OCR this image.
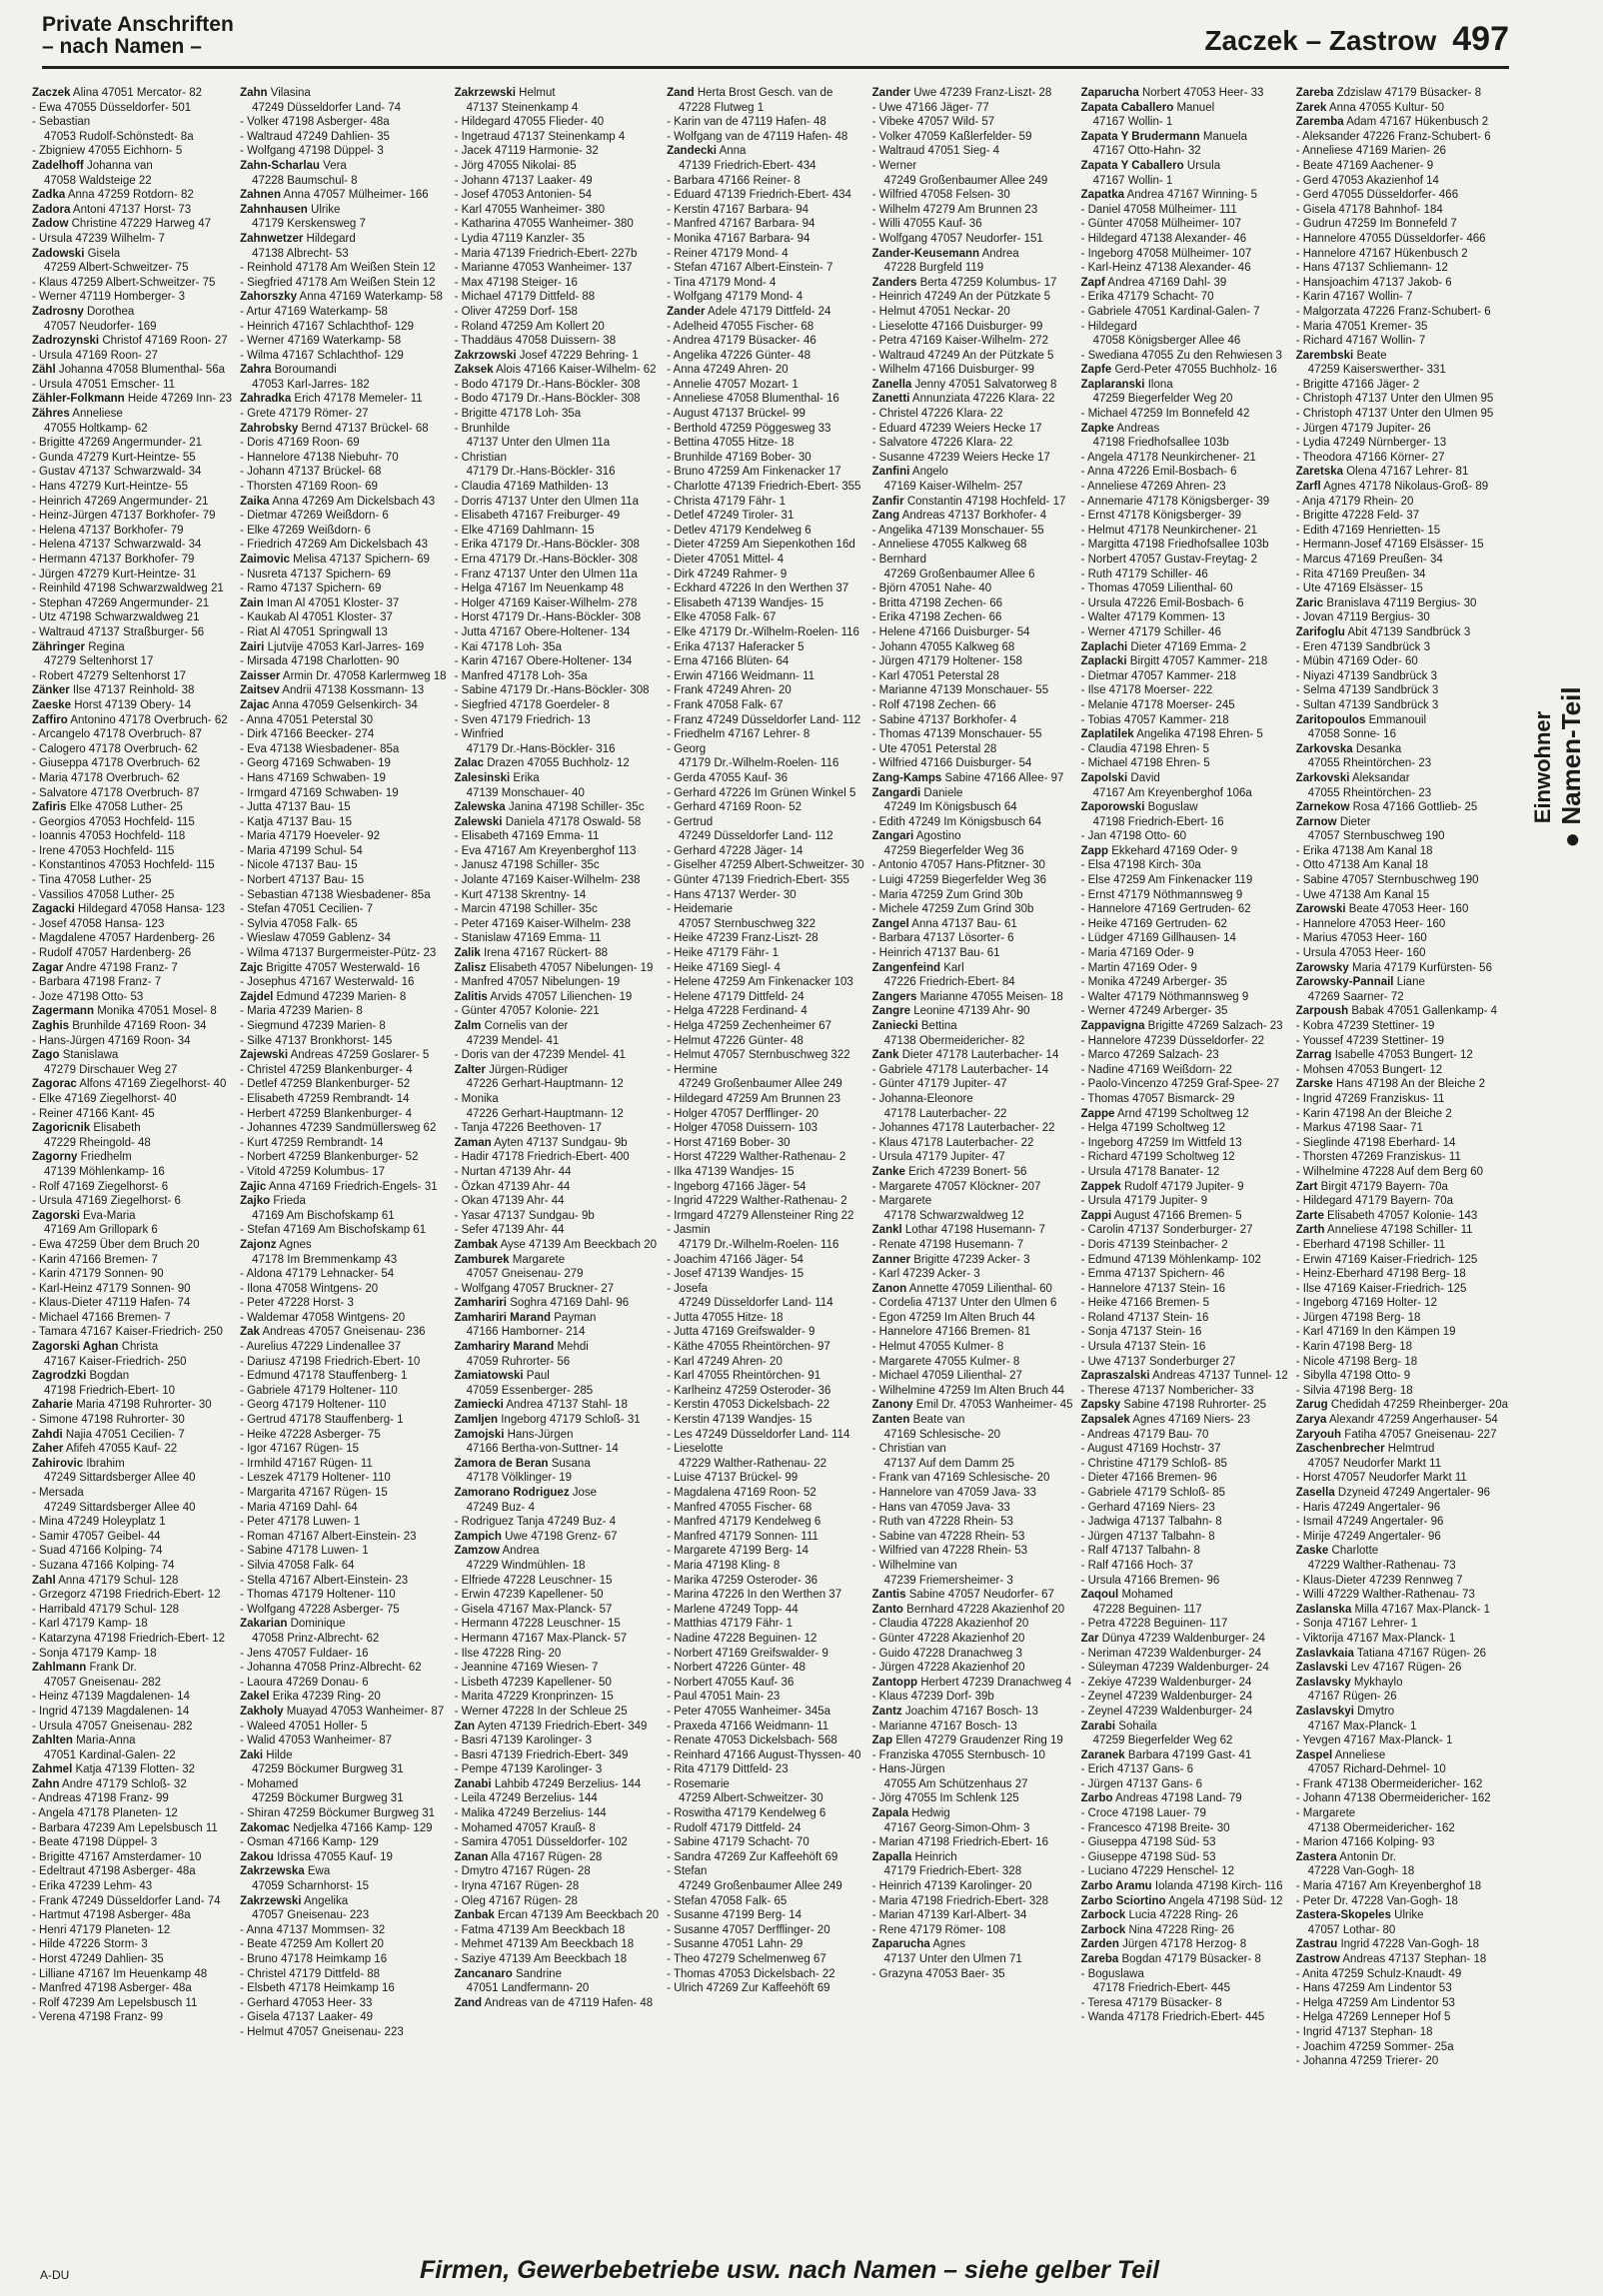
Private Anschriften
– nach Namen –	Zaczek – Zastrow 497
Zaczek Alina 47051 Mercator- 82
- Ewa 47055 Düsseldorfer- 501
- Sebastian
47053 Rudolf-Schönstedt- 8a
- Zbigniew 47055 Eichhorn- 5
Zadelhoff Johanna van
47058 Waldsteige 22
Zadka Anna 47259 Rotdorn- 82
Zadora Antoni 47137 Horst- 73
Zadow Christine 47229 Harweg 47
- Ursula 47239 Wilhelm- 7
Zadowski Gisela
47259 Albert-Schweitzer- 75
- Klaus 47259 Albert-Schweitzer- 75
- Werner 47119 Homberger- 3
Zadrosny Dorothea
47057 Neudorfer- 169
Zadrozynski Christof 47169 Roon- 27
- Ursula 47169 Roon- 27
Zähl Johanna 47058 Blumenthal- 56a
- Ursula 47051 Emscher- 11
Zähler-Folkmann Heide 47269 Inn- 23
Zähres Anneliese
47055 Holtkamp- 62
- Brigitte 47269 Angermunder- 21
- Gunda 47279 Kurt-Heintze- 55
- Gustav 47137 Schwarzwald- 34
- Hans 47279 Kurt-Heintze- 55
- Heinrich 47269 Angermunder- 21
- Heinz-Jürgen 47137 Borkhofer- 79
- Helena 47137 Borkhofer- 79
- Helena 47137 Schwarzwald- 34
- Hermann 47137 Borkhofer- 79
- Jürgen 47279 Kurt-Heintze- 31
- Reinhild 47198 Schwarzwaldweg 21
- Stephan 47269 Angermunder- 21
- Utz 47198 Schwarzwaldweg 21
- Waltraud 47137 Straßburger- 56
Zähringer Regina
47279 Seltenhorst 17
- Robert 47279 Seltenhorst 17
Zänker Ilse 47137 Reinhold- 38
Zaeske Horst 47139 Obery- 14
Zaffiro Antonino 47178 Overbruch- 62
- Arcangelo 47178 Overbruch- 87
- Calogero 47178 Overbruch- 62
- Giuseppa 47178 Overbruch- 62
- Maria 47178 Overbruch- 62
- Salvatore 47178 Overbruch- 87
Zafiris Elke 47058 Luther- 25
- Georgios 47053 Hochfeld- 115
- Ioannis 47053 Hochfeld- 118
- Irene 47053 Hochfeld- 115
- Konstantinos 47053 Hochfeld- 115
- Tina 47058 Luther- 25
- Vassilios 47058 Luther- 25
Zagacki Hildegard 47058 Hansa- 123
- Josef 47058 Hansa- 123
- Magdalene 47057 Hardenberg- 26
- Rudolf 47057 Hardenberg- 26
Zagar Andre 47198 Franz- 7
- Barbara 47198 Franz- 7
- Joze 47198 Otto- 53
Zagermann Monika 47051 Mosel- 8
Zaghis Brunhilde 47169 Roon- 34
- Hans-Jürgen 47169 Roon- 34
Zago Stanislawa
47279 Dirschauer Weg 27
Zagorac Alfons 47169 Ziegelhorst- 40
- Elke 47169 Ziegelhorst- 40
- Reiner 47166 Kant- 45
Zagoricnik Elisabeth
47229 Rheingold- 48
Zagorny Friedhelm
47139 Möhlenkamp- 16
- Rolf 47169 Ziegelhorst- 6
- Ursula 47169 Ziegelhorst- 6
Zagorski Eva-Maria
47169 Am Grillopark 6
- Ewa 47259 Über dem Bruch 20
- Karin 47166 Bremen- 7
- Karin 47179 Sonnen- 90
- Karl-Heinz 47179 Sonnen- 90
- Klaus-Dieter 47119 Hafen- 74
- Michael 47166 Bremen- 7
- Tamara 47167 Kaiser-Friedrich- 250
Zagorski Aghan Christa
47167 Kaiser-Friedrich- 250
Zagrodzki Bogdan
47198 Friedrich-Ebert- 10
Zaharie Maria 47198 Ruhrorter- 30
- Simone 47198 Ruhrorter- 30
Zahdi Najia 47051 Cecilien- 7
Zaher Afifeh 47055 Kauf- 22
Zahirovic Ibrahim
47249 Sittardsberger Allee 40
- Mersada
47249 Sittardsberger Allee 40
- Mina 47249 Holeyplatz 1
- Samir 47057 Geibel- 44
- Suad 47166 Kolping- 74
- Suzana 47166 Kolping- 74
Zahl Anna 47179 Schul- 128
- Grzegorz 47198 Friedrich-Ebert- 12
- Harribald 47179 Schul- 128
- Karl 47179 Kamp- 18
- Katarzyna 47198 Friedrich-Ebert- 12
- Sonja 47179 Kamp- 18
Zahlmann Frank Dr.
47057 Gneisenau- 282
- Heinz 47139 Magdalenen- 14
- Ingrid 47139 Magdalenen- 14
- Ursula 47057 Gneisenau- 282
Zahlten Maria-Anna
47051 Kardinal-Galen- 22
Zahmel Katja 47139 Flotten- 32
Zahn Andre 47179 Schloß- 32
- Andreas 47198 Franz- 99
- Angela 47178 Planeten- 12
- Barbara 47239 Am Lepelsbusch 11
- Beate 47198 Düppel- 3
- Brigitte 47167 Amsterdamer- 10
- Edeltraut 47198 Asberger- 48a
- Erika 47239 Lehm- 43
- Frank 47249 Düsseldorfer Land- 74
- Hartmut 47198 Asberger- 48a
- Henri 47179 Planeten- 12
- Hilde 47226 Storm- 3
- Horst 47249 Dahlien- 35
- Lilliane 47167 Im Heuenkamp 48
- Manfred 47198 Asberger- 48a
- Rolf 47239 Am Lepelsbusch 11
- Verena 47198 Franz- 99
Zahn Vilasina
47249 Düsseldorfer Land- 74
- Volker 47198 Asberger- 48a
- Waltraud 47249 Dahlien- 35
- Wolfgang 47198 Düppel- 3
Zahn-Scharlau Vera
47228 Baumschul- 8
Zahnen Anna 47057 Mülheimer- 166
Zahnhausen Ulrike
47179 Kerskensweg 7
Zahnwetzer Hildegard
47138 Albrecht- 53
- Reinhold 47178 Am Weißen Stein 12
- Siegfried 47178 Am Weißen Stein 12
Zahorszky Anna 47169 Waterkamp- 58
- Artur 47169 Waterkamp- 58
- Heinrich 47167 Schlachthof- 129
- Werner 47169 Waterkamp- 58
- Wilma 47167 Schlachthof- 129
Zahra Boroumandi
47053 Karl-Jarres- 182
Zahradka Erich 47178 Memeler- 11
- Grete 47179 Römer- 27
Zahrobsky Bernd 47137 Brückel- 68
- Doris 47169 Roon- 69
- Hannelore 47138 Niebuhr- 70
- Johann 47137 Brückel- 68
- Thorsten 47169 Roon- 69
Zaika Anna 47269 Am Dickelsbach 43
- Dietmar 47269 Weißdorn- 6
- Elke 47269 Weißdorn- 6
- Friedrich 47269 Am Dickelsbach 43
Zaimovic Melisa 47137 Spichern- 69
- Nusreta 47137 Spichern- 69
- Ramo 47137 Spichern- 69
Zain Iman Al 47051 Kloster- 37
- Kaukab Al 47051 Kloster- 37
- Riat Al 47051 Springwall 13
Zairi Ljutvije 47053 Karl-Jarres- 169
- Mirsada 47198 Charlotten- 90
Zaisser Armin Dr. 47058 Karlermweg 18
Zaitsev Andrii 47138 Kossmann- 13
Zajac Anna 47059 Gelsenkirch- 34
- Anna 47051 Peterstal 30
- Dirk 47166 Beecker- 274
- Eva 47138 Wiesbadener- 85a
- Georg 47169 Schwaben- 19
- Hans 47169 Schwaben- 19
- Irmgard 47169 Schwaben- 19
- Jutta 47137 Bau- 15
- Katja 47137 Bau- 15
- Maria 47179 Hoeveler- 92
- Maria 47199 Schul- 54
- Nicole 47137 Bau- 15
- Norbert 47137 Bau- 15
- Sebastian 47138 Wiesbadener- 85a
- Stefan 47051 Cecilien- 7
- Sylvia 47058 Falk- 65
- Wieslaw 47059 Gablenz- 34
- Wilma 47137 Burgermeister-Pütz- 23
Zajc Brigitte 47057 Westerwald- 16
- Josephus 47167 Westerwald- 16
Zajdel Edmund 47239 Marien- 8
- Maria 47239 Marien- 8
- Siegmund 47239 Marien- 8
- Silke 47137 Bronkhorst- 145
Zajewski Andreas 47259 Goslarer- 5
- Christel 47259 Blankenburger- 4
- Detlef 47259 Blankenburger- 52
- Elisabeth 47259 Rembrandt- 14
- Herbert 47259 Blankenburger- 4
- Johannes 47239 Sandmüllersweg 62
- Kurt 47259 Rembrandt- 14
- Norbert 47259 Blankenburger- 52
- Vitold 47259 Kolumbus- 17
Zajic Anna 47169 Friedrich-Engels- 31
Zajko Frieda
47169 Am Bischofskamp 61
- Stefan 47169 Am Bischofskamp 61
Zajonz Agnes
47178 Im Bremmenkamp 43
- Aldona 47179 Lehnacker- 54
- Ilona 47058 Wintgens- 20
- Peter 47228 Horst- 3
- Waldemar 47058 Wintgens- 20
Zak Andreas 47057 Gneisenau- 236
- Aurelius 47229 Lindenallee 37
- Dariusz 47198 Friedrich-Ebert- 10
- Edmund 47178 Stauffenberg- 1
- Gabriele 47179 Holtener- 110
- Georg 47179 Holtener- 110
- Gertrud 47178 Stauffenberg- 1
- Heike 47228 Asberger- 75
- Igor 47167 Rügen- 15
- Irmhild 47167 Rügen- 11
- Leszek 47179 Holtener- 110
- Margarita 47167 Rügen- 15
- Maria 47169 Dahl- 64
- Peter 47178 Luwen- 1
- Roman 47167 Albert-Einstein- 23
- Sabine 47178 Luwen- 1
- Silvia 47058 Falk- 64
- Stella 47167 Albert-Einstein- 23
- Thomas 47179 Holtener- 110
- Wolfgang 47228 Asberger- 75
Zakarian Dominique
47058 Prinz-Albrecht- 62
- Jens 47057 Fuldaer- 16
- Johanna 47058 Prinz-Albrecht- 62
- Laoura 47269 Donau- 6
Zakel Erika 47239 Ring- 20
Zakholy Muayad 47053 Wanheimer- 87
- Waleed 47051 Holler- 5
- Walid 47053 Wanheimer- 87
Zaki Hilde
47259 Böckumer Burgweg 31
- Mohamed
47259 Böckumer Burgweg 31
- Shiran 47259 Böckumer Burgweg 31
Zakomac Nedjelka 47166 Kamp- 129
- Osman 47166 Kamp- 129
Zakou Idrissa 47055 Kauf- 19
Zakrzewska Ewa
47059 Scharnhorst- 15
Zakrzewski Angelika
47057 Gneisenau- 223
- Anna 47137 Mommsen- 32
- Beate 47259 Am Kollert 20
- Bruno 47178 Heimkamp 16
- Christel 47179 Dittfeld- 88
- Elsbeth 47178 Heimkamp 16
- Gerhard 47053 Heer- 33
- Gisela 47137 Laaker- 49
- Helmut 47057 Gneisenau- 223
Zakrzewski Helmut
47137 Steinenkamp 4
- Hildegard 47055 Flieder- 40
- Ingetraud 47137 Steinenkamp 4
- Jacek 47119 Harmonie- 32
- Jörg 47055 Nikolai- 85
- Johann 47137 Laaker- 49
- Josef 47053 Antonien- 54
- Karl 47055 Wanheimer- 380
- Katharina 47055 Wanheimer- 380
- Lydia 47119 Kanzler- 35
- Maria 47139 Friedrich-Ebert- 227b
- Marianne 47053 Wanheimer- 137
- Max 47198 Steiger- 16
- Michael 47179 Dittfeld- 88
- Oliver 47259 Dorf- 158
- Roland 47259 Am Kollert 20
- Thaddäus 47058 Duissern- 38
Zakrzowski Josef 47229 Behring- 1
Zaksek Alois 47166 Kaiser-Wilhelm- 62
- Bodo 47179 Dr.-Hans-Böckler- 308
- Bodo 47179 Dr.-Hans-Böckler- 308
- Brigitte 47178 Loh- 35a
- Brunhilde
47137 Unter den Ulmen 11a
- Christian
47179 Dr.-Hans-Böckler- 316
- Claudia 47169 Mathilden- 13
- Dorris 47137 Unter den Ulmen 11a
- Elisabeth 47167 Freiburger- 49
- Elke 47169 Dahlmann- 15
- Erika 47179 Dr.-Hans-Böckler- 308
- Erna 47179 Dr.-Hans-Böckler- 308
- Franz 47137 Unter den Ulmen 11a
- Helga 47167 Im Neuenkamp 48
- Holger 47169 Kaiser-Wilhelm- 278
- Horst 47179 Dr.-Hans-Böckler- 308
- Jutta 47167 Obere-Holtener- 134
- Kai 47178 Loh- 35a
- Karin 47167 Obere-Holtener- 134
- Manfred 47178 Loh- 35a
- Sabine 47179 Dr.-Hans-Böckler- 308
- Siegfried 47178 Goerdeler- 8
- Sven 47179 Friedrich- 13
- Winfried
47179 Dr.-Hans-Böckler- 316
Zalac Drazen 47055 Buchholz- 12
Zalesinski Erika
47139 Monschauer- 40
Zalewska Janina 47198 Schiller- 35c
Zalewski Daniela 47178 Oswald- 58
- Elisabeth 47169 Emma- 11
- Eva 47167 Am Kreyenberghof 113
- Janusz 47198 Schiller- 35c
- Jolante 47169 Kaiser-Wilhelm- 238
- Kurt 47138 Skrentny- 14
- Marcin 47198 Schiller- 35c
- Peter 47169 Kaiser-Wilhelm- 238
- Stanislaw 47169 Emma- 11
Zalik Irena 47167 Rückert- 88
Zalisz Elisabeth 47057 Nibelungen- 19
- Manfred 47057 Nibelungen- 19
Zalitis Arvids 47057 Lilienchen- 19
- Günter 47057 Kolonie- 221
Zalm Cornelis van der
47239 Mendel- 41
- Doris van der 47239 Mendel- 41
Zalter Jürgen-Rüdiger
47226 Gerhart-Hauptmann- 12
- Monika
47226 Gerhart-Hauptmann- 12
- Tanja 47226 Beethoven- 17
Zaman Ayten 47137 Sundgau- 9b
- Hadir 47178 Friedrich-Ebert- 400
- Nurtan 47139 Ahr- 44
- Özkan 47139 Ahr- 44
- Okan 47139 Ahr- 44
- Yasar 47137 Sundgau- 9b
- Sefer 47139 Ahr- 44
Zambak Ayse 47139 Am Beeckbach 20
Zamburek Margarete
47057 Gneisenau- 279
- Wolfgang 47057 Bruckner- 27
Zamhariri Soghra 47169 Dahl- 96
Zamhariri Marand Payman
47166 Hamborner- 214
Zamhariry Marand Mehdi
47059 Ruhrorter- 56
Zamiatowski Paul
47059 Essenberger- 285
Zamiecki Andrea 47137 Stahl- 18
Zamljen Ingeborg 47179 Schloß- 31
Zamojski Hans-Jürgen
47166 Bertha-von-Suttner- 14
Zamora de Beran Susana
47178 Völklinger- 19
Zamorano Rodriguez Jose
47249 Buz- 4
- Rodriguez Tanja 47249 Buz- 4
Zampich Uwe 47198 Grenz- 67
Zamzow Andrea
47229 Windmühlen- 18
- Elfriede 47228 Leuschner- 15
- Erwin 47239 Kapellener- 50
- Gisela 47167 Max-Planck- 57
- Hermann 47228 Leuschner- 15
- Hermann 47167 Max-Planck- 57
- Ilse 47228 Ring- 20
- Jeannine 47169 Wiesen- 7
- Lisbeth 47239 Kapellener- 50
- Marita 47229 Kronprinzen- 15
- Werner 47228 In der Schleue 25
Zan Ayten 47139 Friedrich-Ebert- 349
- Basri 47139 Karolinger- 3
- Basri 47139 Friedrich-Ebert- 349
- Pempe 47139 Karolinger- 3
Zanabi Lahbib 47249 Berzelius- 144
- Leila 47249 Berzelius- 144
- Malika 47249 Berzelius- 144
- Mohamed 47057 Krauß- 8
- Samira 47051 Düsseldorfer- 102
Zanan Alla 47167 Rügen- 28
- Dmytro 47167 Rügen- 28
- Iryna 47167 Rügen- 28
- Oleg 47167 Rügen- 28
Zanbak Ercan 47139 Am Beeckbach 20
- Fatma 47139 Am Beeckbach 18
- Mehmet 47139 Am Beeckbach 18
- Saziye 47139 Am Beeckbach 18
Zancanaro Sandrine
47051 Landfermann- 20
Zand Andreas van de 47119 Hafen- 48
Zand Herta Brost Gesch. van de
47228 Flutweg 1
- Karin van de 47119 Hafen- 48
- Wolfgang van de 47119 Hafen- 48
Zandecki Anna
47139 Friedrich-Ebert- 434
- Barbara 47166 Reiner- 8
- Eduard 47139 Friedrich-Ebert- 434
- Kerstin 47167 Barbara- 94
- Manfred 47167 Barbara- 94
- Monika 47167 Barbara- 94
- Reiner 47179 Mond- 4
- Stefan 47167 Albert-Einstein- 7
- Tina 47179 Mond- 4
- Wolfgang 47179 Mond- 4
Zander Adele 47179 Dittfeld- 24
- Adelheid 47055 Fischer- 68
- Andrea 47179 Büsacker- 46
- Angelika 47226 Günter- 48
- Anna 47249 Ahren- 20
- Annelie 47057 Mozart- 1
- Anneliese 47058 Blumenthal- 16
- August 47137 Brückel- 99
- Berthold 47259 Pöggesweg 33
- Bettina 47055 Hitze- 18
- Brunhilde 47169 Bober- 30
- Bruno 47259 Am Finkenacker 17
- Charlotte 47139 Friedrich-Ebert- 355
- Christa 47179 Fähr- 1
- Detlef 47249 Tiroler- 31
- Detlev 47179 Kendelweg 6
- Dieter 47259 Am Siepenkothen 16d
- Dieter 47051 Mittel- 4
- Dirk 47249 Rahmer- 9
- Eckhard 47226 In den Werthen 37
- Elisabeth 47139 Wandjes- 15
- Elke 47058 Falk- 67
- Elke 47179 Dr.-Wilhelm-Roelen- 116
- Erika 47137 Haferacker 5
- Erna 47166 Blüten- 64
- Erwin 47166 Weidmann- 11
- Frank 47249 Ahren- 20
- Frank 47058 Falk- 67
- Franz 47249 Düsseldorfer Land- 112
- Friedhelm 47167 Lehrer- 8
- Georg
47179 Dr.-Wilhelm-Roelen- 116
- Gerda 47055 Kauf- 36
- Gerhard 47226 Im Grünen Winkel 5
- Gerhard 47169 Roon- 52
- Gertrud
47249 Düsseldorfer Land- 112
- Gerhard 47228 Jäger- 14
- Giselher 47259 Albert-Schweitzer- 30
- Günter 47139 Friedrich-Ebert- 355
- Hans 47137 Werder- 30
- Heidemarie
47057 Sternbuschweg 322
- Heike 47239 Franz-Liszt- 28
- Heike 47179 Fähr- 1
- Heike 47169 Siegl- 4
- Helene 47259 Am Finkenacker 103
- Helene 47179 Dittfeld- 24
- Helga 47228 Ferdinand- 4
- Helga 47259 Zechenheimer 67
- Helmut 47226 Günter- 48
- Helmut 47057 Sternbuschweg 322
- Hermine
47249 Großenbaumer Allee 249
- Hildegard 47259 Am Brunnen 23
- Holger 47057 Derfflinger- 20
- Holger 47058 Duissern- 103
- Horst 47169 Bober- 30
- Horst 47229 Walther-Rathenau- 2
- Ilka 47139 Wandjes- 15
- Ingeborg 47166 Jäger- 54
- Ingrid 47229 Walther-Rathenau- 2
- Irmgard 47279 Allensteiner Ring 22
- Jasmin
47179 Dr.-Wilhelm-Roelen- 116
- Joachim 47166 Jäger- 54
- Josef 47139 Wandjes- 15
- Josefa
47249 Düsseldorfer Land- 114
- Jutta 47055 Hitze- 18
- Jutta 47169 Greifswalder- 9
- Käthe 47055 Rheintörchen- 97
- Karl 47249 Ahren- 20
- Karl 47055 Rheintörchen- 91
- Karlheinz 47259 Osteroder- 36
- Kerstin 47053 Dickelsbach- 22
- Kerstin 47139 Wandjes- 15
- Les 47249 Düsseldorfer Land- 114
- Lieselotte
47229 Walther-Rathenau- 22
- Luise 47137 Brückel- 99
- Magdalena 47169 Roon- 52
- Manfred 47055 Fischer- 68
- Manfred 47179 Kendelweg 6
- Manfred 47179 Sonnen- 111
- Margarete 47199 Berg- 14
- Maria 47198 Kling- 8
- Marika 47259 Osteroder- 36
- Marina 47226 In den Werthen 37
- Marlene 47249 Topp- 44
- Matthias 47179 Fähr- 1
- Nadine 47228 Beguinen- 12
- Norbert 47169 Greifswalder- 9
- Norbert 47226 Günter- 48
- Norbert 47055 Kauf- 36
- Paul 47051 Main- 23
- Peter 47055 Wanheimer- 345a
- Praxeda 47166 Weidmann- 11
- Renate 47053 Dickelsbach- 568
- Reinhard 47166 August-Thyssen- 40
- Rita 47179 Dittfeld- 23
- Rosemarie
47259 Albert-Schweitzer- 30
- Roswitha 47179 Kendelweg 6
- Rudolf 47179 Dittfeld- 24
- Sabine 47179 Schacht- 70
- Sandra 47269 Zur Kaffeehöft 69
- Stefan
47249 Großenbaumer Allee 249
- Stefan 47058 Falk- 65
- Susanne 47199 Berg- 14
- Susanne 47057 Derfflinger- 20
- Susanne 47051 Lahn- 29
- Theo 47279 Schelmenweg 67
- Thomas 47053 Dickelsbach- 22
- Ulrich 47269 Zur Kaffeehöft 69
Zander Uwe 47239 Franz-Liszt- 28
- Uwe 47166 Jäger- 77
- Vibeke 47057 Wild- 57
- Volker 47059 Kaßlerfelder- 59
- Waltraud 47051 Sieg- 4
- Werner
47249 Großenbaumer Allee 249
- Wilfried 47058 Felsen- 30
- Wilhelm 47279 Am Brunnen 23
- Willi 47055 Kauf- 36
- Wolfgang 47057 Neudorfer- 151
Zander-Keusemann Andrea
47228 Burgfeld 119
Zanders Berta 47259 Kolumbus- 17
- Heinrich 47249 An der Pützkate 5
- Helmut 47051 Neckar- 20
- Lieselotte 47166 Duisburger- 99
- Petra 47169 Kaiser-Wilhelm- 272
- Waltraud 47249 An der Pützkate 5
- Wilhelm 47166 Duisburger- 99
Zanella Jenny 47051 Salvatorweg 8
Zanetti Annunziata 47226 Klara- 22
- Christel 47226 Klara- 22
- Eduard 47239 Weiers Hecke 17
- Salvatore 47226 Klara- 22
- Susanne 47239 Weiers Hecke 17
Zanfini Angelo
47169 Kaiser-Wilhelm- 257
Zanfir Constantin 47198 Hochfeld- 17
Zang Andreas 47137 Borkhofer- 4
- Angelika 47139 Monschauer- 55
- Anneliese 47055 Kalkweg 68
- Bernhard
47269 Großenbaumer Allee 6
- Björn 47051 Nahe- 40
- Britta 47198 Zechen- 66
- Erika 47198 Zechen- 66
- Helene 47166 Duisburger- 54
- Johann 47055 Kalkweg 68
- Jürgen 47179 Holtener- 158
- Karl 47051 Peterstal 28
- Marianne 47139 Monschauer- 55
- Rolf 47198 Zechen- 66
- Sabine 47137 Borkhofer- 4
- Thomas 47139 Monschauer- 55
- Ute 47051 Peterstal 28
- Wilfried 47166 Duisburger- 54
Zang-Kamps Sabine 47166 Allee- 97
Zangardi Daniele
47249 Im Königsbusch 64
- Edith 47249 Im Königsbusch 64
Zangari Agostino
47259 Biegerfelder Weg 36
- Antonio 47057 Hans-Pfitzner- 30
- Luigi 47259 Biegerfelder Weg 36
- Maria 47259 Zum Grind 30b
- Michele 47259 Zum Grind 30b
Zangel Anna 47137 Bau- 61
- Barbara 47137 Lösorter- 6
- Heinrich 47137 Bau- 61
Zangenfeind Karl
47226 Friedrich-Ebert- 84
Zangers Marianne 47055 Meisen- 18
Zangre Leonine 47139 Ahr- 90
Zaniecki Bettina
47138 Obermeidericher- 82
Zank Dieter 47178 Lauterbacher- 14
- Gabriele 47178 Lauterbacher- 14
- Günter 47179 Jupiter- 47
- Johanna-Eleonore
47178 Lauterbacher- 22
- Johannes 47178 Lauterbacher- 22
- Klaus 47178 Lauterbacher- 22
- Ursula 47179 Jupiter- 47
Zanke Erich 47239 Bonert- 56
- Margarete 47057 Klöckner- 207
- Margarete
47178 Schwarzwaldweg 12
Zankl Lothar 47198 Husemann- 7
- Renate 47198 Husemann- 7
Zanner Brigitte 47239 Acker- 3
- Karl 47239 Acker- 3
Zanon Annette 47059 Lilienthal- 60
- Cordelia 47137 Unter den Ulmen 6
- Egon 47259 Im Alten Bruch 44
- Hannelore 47166 Bremen- 81
- Helmut 47055 Kulmer- 8
- Margarete 47055 Kulmer- 8
- Michael 47059 Lilienthal- 27
- Wilhelmine 47259 Im Alten Bruch 44
Zanony Emil Dr. 47053 Wanheimer- 45
Zanten Beate van
47169 Schlesische- 20
- Christian van
47137 Auf dem Damm 25
- Frank van 47169 Schlesische- 20
- Hannelore van 47059 Java- 33
- Hans van 47059 Java- 33
- Ruth van 47228 Rhein- 53
- Sabine van 47228 Rhein- 53
- Wilfried van 47228 Rhein- 53
- Wilhelmine van
47239 Friemersheimer- 3
Zantis Sabine 47057 Neudorfer- 67
Zanto Bernhard 47228 Akazienhof 20
- Claudia 47228 Akazienhof 20
- Günter 47228 Akazienhof 20
- Guido 47228 Dranachweg 3
- Jürgen 47228 Akazienhof 20
Zantopp Herbert 47239 Dranachweg 4
- Klaus 47239 Dorf- 39b
Zantz Joachim 47167 Bosch- 13
- Marianne 47167 Bosch- 13
Zap Ellen 47279 Graudenzer Ring 19
- Franziska 47055 Sternbusch- 10
- Hans-Jürgen
47055 Am Schützenhaus 27
- Jörg 47055 Im Schlenk 125
Zapala Hedwig
47167 Georg-Simon-Ohm- 3
- Marian 47198 Friedrich-Ebert- 16
Zapalla Heinrich
47179 Friedrich-Ebert- 328
- Heinrich 47139 Karolinger- 20
- Maria 47198 Friedrich-Ebert- 328
- Marian 47139 Karl-Albert- 34
- Rene 47179 Römer- 108
Zaparucha Agnes
47137 Unter den Ulmen 71
- Grazyna 47053 Baer- 35
Zaparucha Norbert 47053 Heer- 33
Zapata Caballero Manuel
47167 Wollin- 1
Zapata Y Brudermann Manuela
47167 Otto-Hahn- 32
Zapata Y Caballero Ursula
47167 Wollin- 1
Zapatka Andrea 47167 Winning- 5
- Daniel 47058 Mülheimer- 111
- Günter 47058 Mülheimer- 107
- Hildegard 47138 Alexander- 46
- Ingeborg 47058 Mülheimer- 107
- Karl-Heinz 47138 Alexander- 46
Zapf Andrea 47169 Dahl- 39
- Erika 47179 Schacht- 70
- Gabriele 47051 Kardinal-Galen- 7
- Hildegard
47058 Königsberger Allee 46
- Swediana 47055 Zu den Rehwiesen 3
Zapfe Gerd-Peter 47055 Buchholz- 16
Zaplaranski Ilona
47259 Biegerfelder Weg 20
- Michael 47259 Im Bonnefeld 42
Zapke Andreas
47198 Friedhofsallee 103b
- Angela 47178 Neunkirchener- 21
- Anna 47226 Emil-Bosbach- 6
- Anneliese 47269 Ahren- 23
- Annemarie 47178 Königsberger- 39
- Ernst 47178 Königsberger- 39
- Helmut 47178 Neunkirchener- 21
- Margitta 47198 Friedhofsallee 103b
- Norbert 47057 Gustav-Freytag- 2
- Ruth 47179 Schiller- 46
- Thomas 47059 Lilienthal- 60
- Ursula 47226 Emil-Bosbach- 6
- Walter 47179 Kommen- 13
- Werner 47179 Schiller- 46
Zaplachi Dieter 47169 Emma- 2
Zaplacki Birgitt 47057 Kammer- 218
- Dietmar 47057 Kammer- 218
- Ilse 47178 Moerser- 222
- Melanie 47178 Moerser- 245
- Tobias 47057 Kammer- 218
Zaplatilek Angelika 47198 Ehren- 5
- Claudia 47198 Ehren- 5
- Michael 47198 Ehren- 5
Zapolski David
47167 Am Kreyenberghof 106a
Zaporowski Boguslaw
47198 Friedrich-Ebert- 16
- Jan 47198 Otto- 60
Zapp Ekkehard 47169 Oder- 9
- Elsa 47198 Kirch- 30a
- Else 47259 Am Finkenacker 119
- Ernst 47179 Nöthmannsweg 9
- Hannelore 47169 Gertruden- 62
- Heike 47169 Gertruden- 62
- Lüdger 47169 Gillhausen- 14
- Maria 47169 Oder- 9
- Martin 47169 Oder- 9
- Monika 47249 Arberger- 35
- Walter 47179 Nöthmannsweg 9
- Werner 47249 Arberger- 35
Zappavigna Brigitte 47269 Salzach- 23
- Hannelore 47239 Düsseldorfer- 22
- Marco 47269 Salzach- 23
- Nadine 47169 Weißdorn- 22
- Paolo-Vincenzo 47259 Graf-Spee- 27
- Thomas 47057 Bismarck- 29
Zappe Arnd 47199 Scholtweg 12
- Helga 47199 Scholtweg 12
- Ingeborg 47259 Im Wittfeld 13
- Richard 47199 Scholtweg 12
- Ursula 47178 Banater- 12
Zappek Rudolf 47179 Jupiter- 9
- Ursula 47179 Jupiter- 9
Zappi August 47166 Bremen- 5
- Carolin 47137 Sonderburger- 27
- Doris 47139 Steinbacher- 2
- Edmund 47139 Möhlenkamp- 102
- Emma 47137 Spichern- 46
- Hannelore 47137 Stein- 16
- Heike 47166 Bremen- 5
- Roland 47137 Stein- 16
- Sonja 47137 Stein- 16
- Ursula 47137 Stein- 16
- Uwe 47137 Sonderburger 27
Zapraszalski Andreas 47137 Tunnel- 12
- Therese 47137 Nombericher- 33
Zapsky Sabine 47198 Ruhrorter- 25
Zapsalek Agnes 47169 Niers- 23
- Andreas 47179 Bau- 70
- August 47169 Hochstr- 37
- Christine 47179 Schloß- 85
- Dieter 47166 Bremen- 96
- Gabriele 47179 Schloß- 85
- Gerhard 47169 Niers- 23
- Jadwiga 47137 Talbahn- 8
- Jürgen 47137 Talbahn- 8
- Ralf 47137 Talbahn- 8
- Ralf 47166 Hoch- 37
- Ursula 47166 Bremen- 96
Zaqoul Mohamed
47228 Beguinen- 117
- Petra 47228 Beguinen- 117
Zar Dünya 47239 Waldenburger- 24
- Neriman 47239 Waldenburger- 24
- Süleyman 47239 Waldenburger- 24
- Zekiye 47239 Waldenburger- 24
- Zeynel 47239 Waldenburger- 24
- Zeynel 47239 Waldenburger- 24
Zarabi Sohaila
47259 Biegerfelder Weg 62
Zaranek Barbara 47199 Gast- 41
- Erich 47137 Gans- 6
- Jürgen 47137 Gans- 6
Zarbo Andreas 47198 Land- 79
- Croce 47198 Lauer- 79
- Francesco 47198 Breite- 30
- Giuseppa 47198 Süd- 53
- Giuseppe 47198 Süd- 53
- Luciano 47229 Henschel- 12
Zarbo Aramu Iolanda 47198 Kirch- 116
Zarbo Sciortino Angela 47198 Süd- 12
Zarbock Lucia 47228 Ring- 26
Zarbock Nina 47228 Ring- 26
Zarden Jürgen 47178 Herzog- 8
Zareba Bogdan 47179 Büsacker- 8
- Boguslawa
47178 Friedrich-Ebert- 445
- Teresa 47179 Büsacker- 8
- Wanda 47178 Friedrich-Ebert- 445
Zareba Zdzislaw 47179 Büsacker- 8
Zarek Anna 47055 Kultur- 50
Zaremba Adam 47167 Hükenbusch 2
- Aleksander 47226 Franz-Schubert- 6
- Anneliese 47169 Marien- 26
- Beate 47169 Aachener- 9
- Gerd 47053 Akazienhof 14
- Gerd 47055 Düsseldorfer- 466
- Gisela 47178 Bahnhof- 184
- Gudrun 47259 Im Bonnefeld 7
- Hannelore 47055 Düsseldorfer- 466
- Hannelore 47167 Hükenbusch 2
- Hans 47137 Schliemann- 12
- Hansjoachim 47137 Jakob- 6
- Karin 47167 Wollin- 7
- Malgorzata 47226 Franz-Schubert- 6
- Maria 47051 Kremer- 35
- Richard 47167 Wollin- 7
Zarembski Beate
47259 Kaiserswerther- 331
- Brigitte 47166 Jäger- 2
- Christoph 47137 Unter den Ulmen 95
- Christoph 47137 Unter den Ulmen 95
- Jürgen 47179 Jupiter- 26
- Lydia 47249 Nürnberger- 13
- Theodora 47166 Körner- 27
Zaretska Olena 47167 Lehrer- 81
Zarfl Agnes 47178 Nikolaus-Groß- 89
- Anja 47179 Rhein- 20
- Brigitte 47228 Feld- 37
- Edith 47169 Henrietten- 15
- Hermann-Josef 47169 Elsässer- 15
- Marcus 47169 Preußen- 34
- Rita 47169 Preußen- 34
- Ute 47169 Elsässer- 15
Zaric Branislava 47119 Bergius- 30
- Jovan 47119 Bergius- 30
Zarifoglu Abit 47139 Sandbrück 3
- Eren 47139 Sandbrück 3
- Mübin 47169 Oder- 60
- Niyazi 47139 Sandbrück 3
- Selma 47139 Sandbrück 3
- Sultan 47139 Sandbrück 3
Zaritopoulos Emmanouil
47058 Sonne- 16
Zarkovska Desanka
47055 Rheintörchen- 23
Zarkovski Aleksandar
47055 Rheintörchen- 23
Zarnekow Rosa 47166 Gottlieb- 25
Zarnow Dieter
47057 Sternbuschweg 190
- Erika 47138 Am Kanal 18
- Otto 47138 Am Kanal 18
- Sabine 47057 Sternbuschweg 190
- Uwe 47138 Am Kanal 15
Zarowski Beate 47053 Heer- 160
- Hannelore 47053 Heer- 160
- Marius 47053 Heer- 160
- Ursula 47053 Heer- 160
Zarowsky Maria 47179 Kurfürsten- 56
Zarowsky-Pannail Liane
47269 Saarner- 72
Zarpoush Babak 47051 Gallenkamp- 4
- Kobra 47239 Stettiner- 19
- Youssef 47239 Stettiner- 19
Zarrag Isabelle 47053 Bungert- 12
- Mohsen 47053 Bungert- 12
Zarske Hans 47198 An der Bleiche 2
- Ingrid 47269 Franziskus- 11
- Karin 47198 An der Bleiche 2
- Markus 47198 Saar- 71
- Sieglinde 47198 Eberhard- 14
- Thorsten 47269 Franziskus- 11
- Wilhelmine 47228 Auf dem Berg 60
Zart Birgit 47179 Bayern- 70a
- Hildegard 47179 Bayern- 70a
Zarte Elisabeth 47057 Kolonie- 143
Zarth Anneliese 47198 Schiller- 11
- Eberhard 47198 Schiller- 11
- Erwin 47169 Kaiser-Friedrich- 125
- Heinz-Eberhard 47198 Berg- 18
- Ilse 47169 Kaiser-Friedrich- 125
- Ingeborg 47169 Holter- 12
- Jürgen 47198 Berg- 18
- Karl 47169 In den Kämpen 19
- Karin 47198 Berg- 18
- Nicole 47198 Berg- 18
- Sibylla 47198 Otto- 9
- Silvia 47198 Berg- 18
Zarug Chedidah 47259 Rheinberger- 20a
Zarya Alexandr 47259 Angerhauser- 54
Zaryouh Fatiha 47057 Gneisenau- 227
Zaschenbrecher Helmtrud
47057 Neudorfer Markt 11
- Horst 47057 Neudorfer Markt 11
Zasella Dzyneid 47249 Angertaler- 96
- Haris 47249 Angertaler- 96
- Ismail 47249 Angertaler- 96
- Mirije 47249 Angertaler- 96
Zaske Charlotte
47229 Walther-Rathenau- 73
- Klaus-Dieter 47239 Rennweg 7
- Willi 47229 Walther-Rathenau- 73
Zaslanska Milla 47167 Max-Planck- 1
- Sonja 47167 Lehrer- 1
- Viktorija 47167 Max-Planck- 1
Zaslavkaia Tatiana 47167 Rügen- 26
Zaslavski Lev 47167 Rügen- 26
Zaslavsky Mykhaylo
47167 Rügen- 26
Zaslavskyi Dmytro
47167 Max-Planck- 1
- Yevgen 47167 Max-Planck- 1
Zaspel Anneliese
47057 Richard-Dehmel- 10
- Frank 47138 Obermeidericher- 162
- Johann 47138 Obermeidericher- 162
- Margarete
47138 Obermeidericher- 162
- Marion 47166 Kolping- 93
Zastera Antonin Dr.
47228 Van-Gogh- 18
- Maria 47167 Am Kreyenberghof 18
- Peter Dr. 47228 Van-Gogh- 18
Zastera-Skopeles Ulrike
47057 Lothar- 80
Zastrau Ingrid 47228 Van-Gogh- 18
Zastrow Andreas 47137 Stephan- 18
- Anita 47259 Schulz-Knaudt- 49
- Hans 47259 Am Lindentor 53
- Helga 47259 Am Lindentor 53
- Helga 47269 Lenneper Hof 5
- Ingrid 47137 Stephan- 18
- Joachim 47259 Sommer- 25a
- Johanna 47259 Trierer- 20
Einwohner ● Namen-Teil
A-DU	Firmen, Gewerbebetriebe usw. nach Namen – siehe gelber Teil
